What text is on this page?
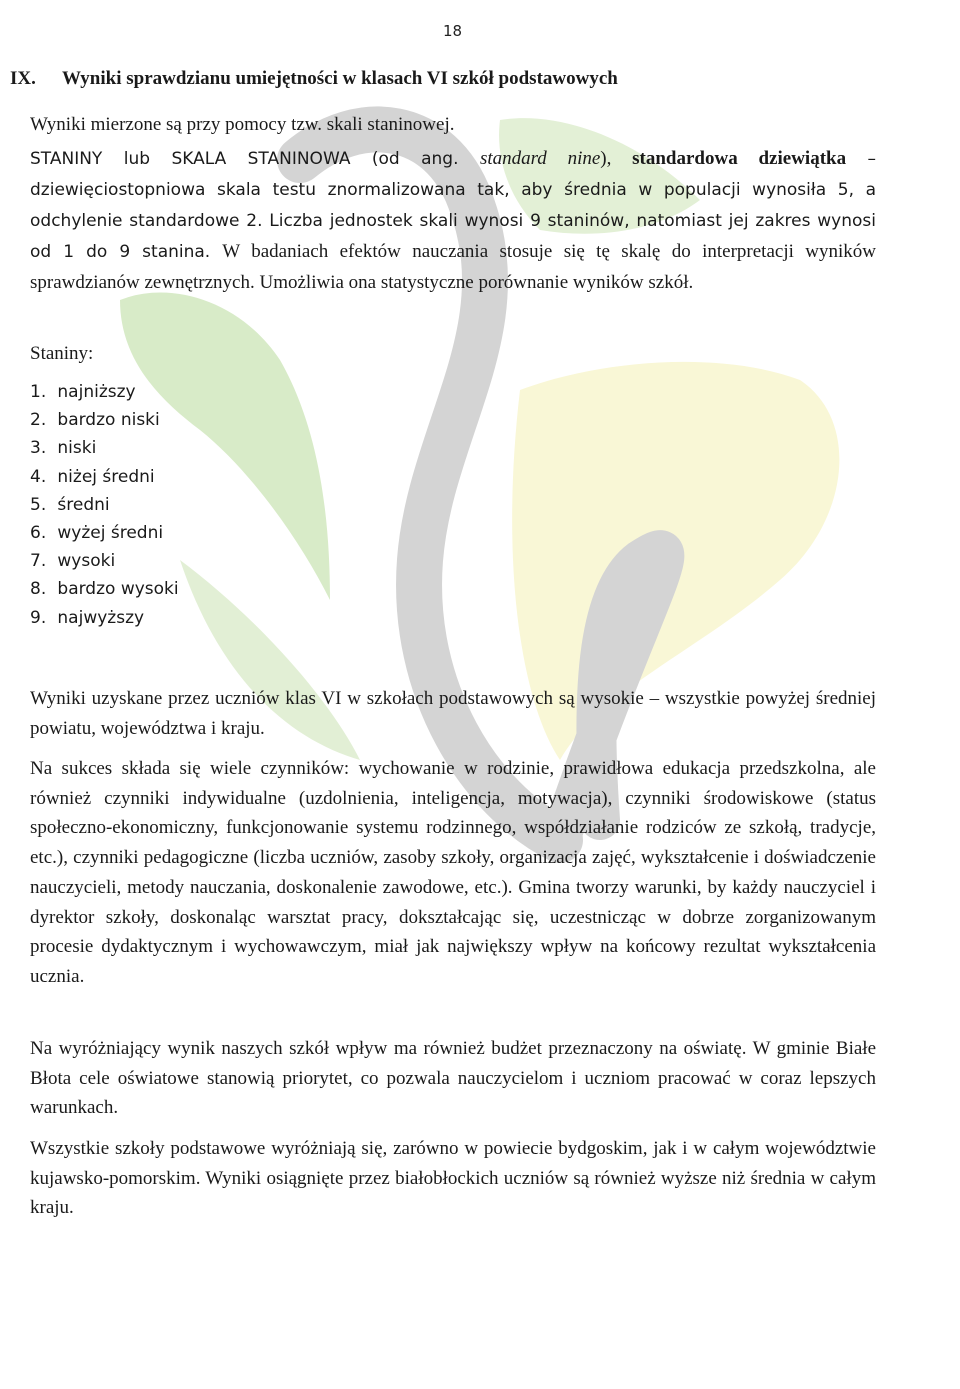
18
IX. Wyniki sprawdzianu umiejętności w klasach VI szkół podstawowych

Wyniki mierzone są przy pomocy tzw. skali staninowej.

STANINY lub SKALA STANINOWA (od ang. standard nine), standardowa dziewiątka – dziewięciostopniowa skala testu znormalizowana tak, aby średnia w populacji wynosiła 5, a odchylenie standardowe 2. Liczba jednostek skali wynosi 9 staninów, natomiast jej zakres wynosi od 1 do 9 stanina. W badaniach efektów nauczania stosuje się tę skalę do interpretacji wyników sprawdzianów zewnętrznych. Umożliwia ona statystyczne porównanie wyników szkół.

Staniny:

1. najniższy
2. bardzo niski
3. niski
4. niżej średni
5. średni
6. wyżej średni
7. wysoki
8. bardzo wysoki
9. najwyższy

Wyniki uzyskane przez uczniów klas VI w szkołach podstawowych są wysokie – wszystkie powyżej średniej powiatu, województwa i kraju.

Na sukces składa się wiele czynników: wychowanie w rodzinie, prawidłowa edukacja przedszkolna, ale również czynniki indywidualne (uzdolnienia, inteligencja, motywacja), czynniki środowiskowe (status społeczno-ekonomiczny, funkcjonowanie systemu rodzinnego, współdziałanie rodziców ze szkołą, tradycje, etc.), czynniki pedagogiczne (liczba uczniów, zasoby szkoły, organizacja zajęć, wykształcenie i doświadczenie nauczycieli, metody nauczania, doskonalenie zawodowe, etc.). Gmina tworzy warunki, by każdy nauczyciel i dyrektor szkoły, doskonaląc warsztat pracy, dokształcając się, uczestnicząc w dobrze zorganizowanym procesie dydaktycznym i wychowawczym, miał jak największy wpływ na końcowy rezultat wykształcenia ucznia.

Na wyróżniający wynik naszych szkół wpływ ma również budżet przeznaczony na oświatę. W gminie Białe Błota cele oświatowe stanowią priorytet, co pozwala nauczycielom i uczniom pracować w coraz lepszych warunkach.

Wszystkie szkoły podstawowe wyróżniają się, zarówno w powiecie bydgoskim, jak i w całym województwie kujawsko-pomorskim. Wyniki osiągnięte przez białobłockich uczniów są również wyższe niż średnia w całym kraju.
